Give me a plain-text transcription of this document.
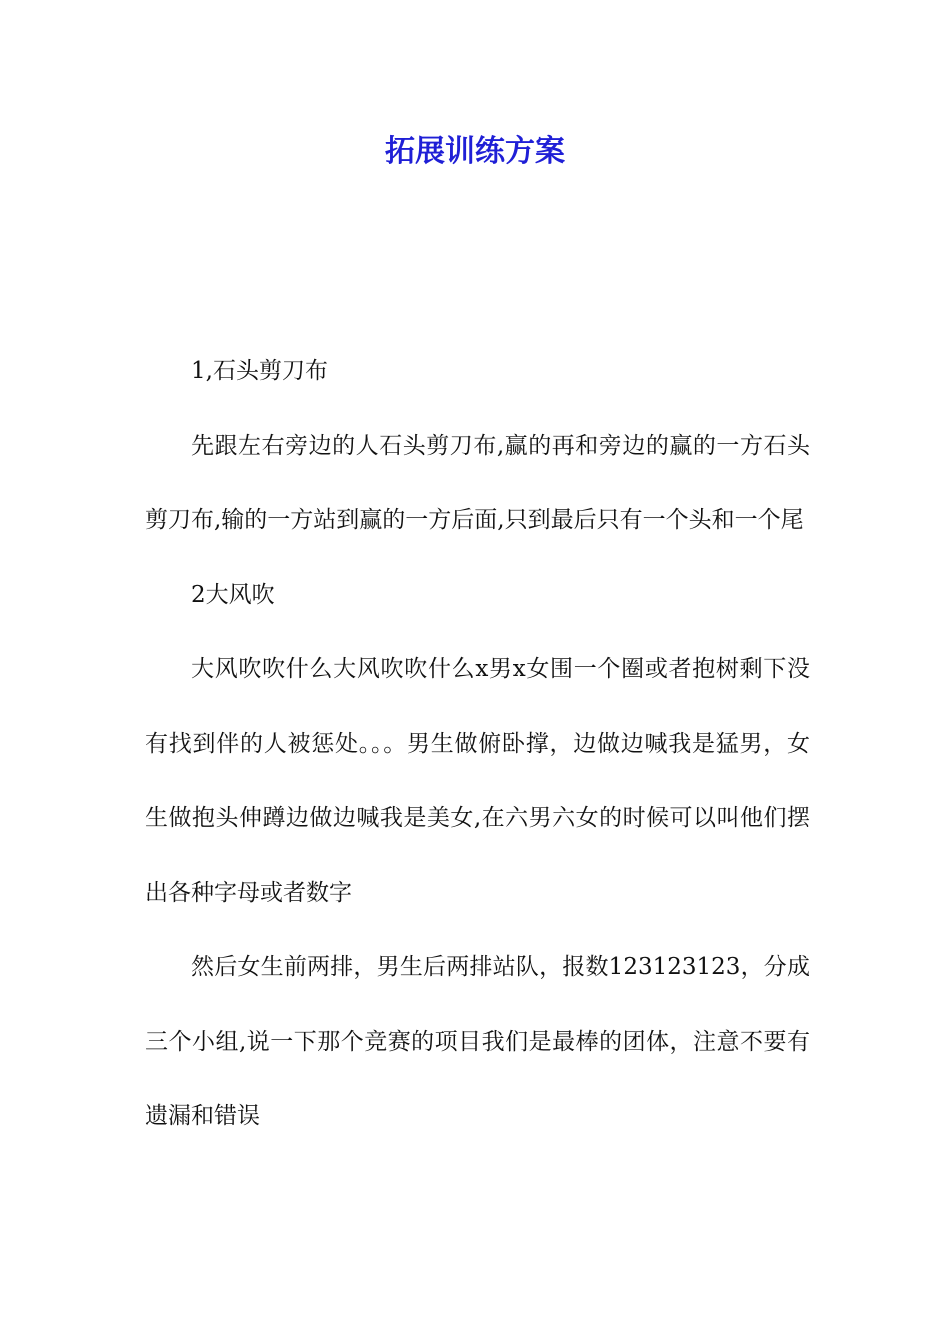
拓展训练方案

1,石头剪刀布

先跟左右旁边的人石头剪刀布,赢的再和旁边的赢的一方石头剪刀布,输的一方站到赢的一方后面,只到最后只有一个头和一个尾

2大风吹

大风吹吹什么大风吹吹什么x男x女围一个圈或者抱树剩下没有找到伴的人被惩处。。。男生做俯卧撑，边做边喊我是猛男，女生做抱头伸蹲边做边喊我是美女,在六男六女的时候可以叫他们摆出各种字母或者数字

然后女生前两排，男生后两排站队，报数123123123，分成三个小组,说一下那个竞赛的项目我们是最棒的团体，注意不要有遗漏和错误
